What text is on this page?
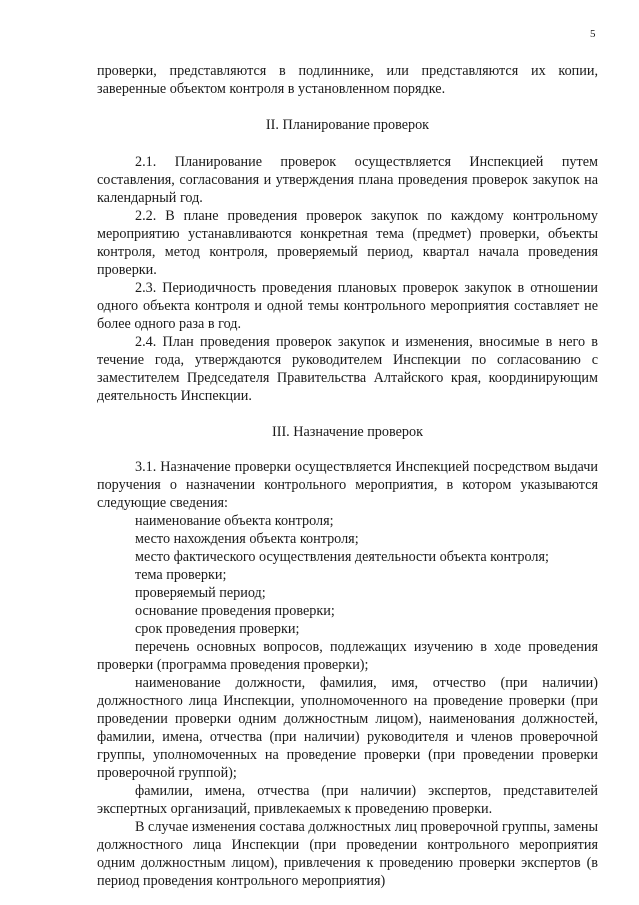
5

проверки, представляются в подлиннике, или представляются их копии, заверенные объектом контроля в установленном порядке.

II. Планирование проверок

2.1. Планирование проверок осуществляется Инспекцией путем составления, согласования и утверждения плана проведения проверок закупок на календарный год.

2.2. В плане проведения проверок закупок по каждому контрольному мероприятию устанавливаются конкретная тема (предмет) проверки, объекты контроля, метод контроля, проверяемый период, квартал начала проведения проверки.

2.3. Периодичность проведения плановых проверок закупок в отношении одного объекта контроля и одной темы контрольного мероприятия составляет не более одного раза в год.

2.4. План проведения проверок закупок и изменения, вносимые в него в течение года, утверждаются руководителем Инспекции по согласованию с заместителем Председателя Правительства Алтайского края, координирующим деятельность Инспекции.

III. Назначение проверок

3.1. Назначение проверки осуществляется Инспекцией посредством выдачи поручения о назначении контрольного мероприятия, в котором указываются следующие сведения:

наименование объекта контроля;

место нахождения объекта контроля;

место фактического осуществления деятельности объекта контроля;

тема проверки;

проверяемый период;

основание проведения проверки;

срок проведения проверки;

перечень основных вопросов, подлежащих изучению в ходе проведения проверки (программа проведения проверки);

наименование должности, фамилия, имя, отчество (при наличии) должностного лица Инспекции, уполномоченного на проведение проверки (при проведении проверки одним должностным лицом), наименования должностей, фамилии, имена, отчества (при наличии) руководителя и членов проверочной группы, уполномоченных на проведение проверки (при проведении проверки проверочной группой);

фамилии, имена, отчества (при наличии) экспертов, представителей экспертных организаций, привлекаемых к проведению проверки.

В случае изменения состава должностных лиц проверочной группы, замены должностного лица Инспекции (при проведении контрольного мероприятия одним должностным лицом), привлечения к проведению проверки экспертов (в период проведения контрольного мероприятия)
